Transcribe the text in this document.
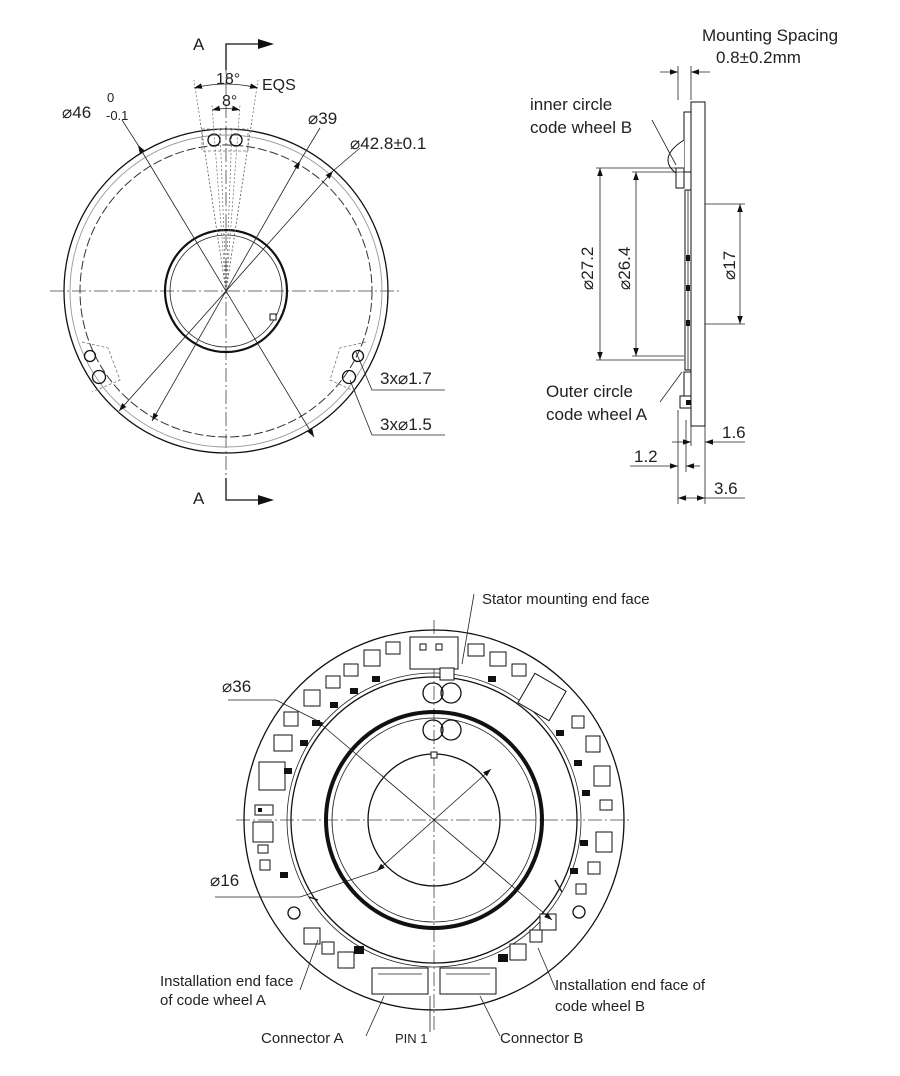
A
A
⌀46
0
-0.1
18°
8°
EQS
⌀39
⌀42.8±0.1
3x⌀1.7
3x⌀1.5
Mounting Spacing
0.8±0.2mm
inner circle
code wheel B
Outer circle
code wheel A
⌀27.2 ⌀26.4	⌀17
1.6
1.2
3.6
Stator mounting end face
⌀36
⌀16
Installation end face
of code wheel A
Installation end face of
code wheel B
Connector A	PIN 1	Connector B
